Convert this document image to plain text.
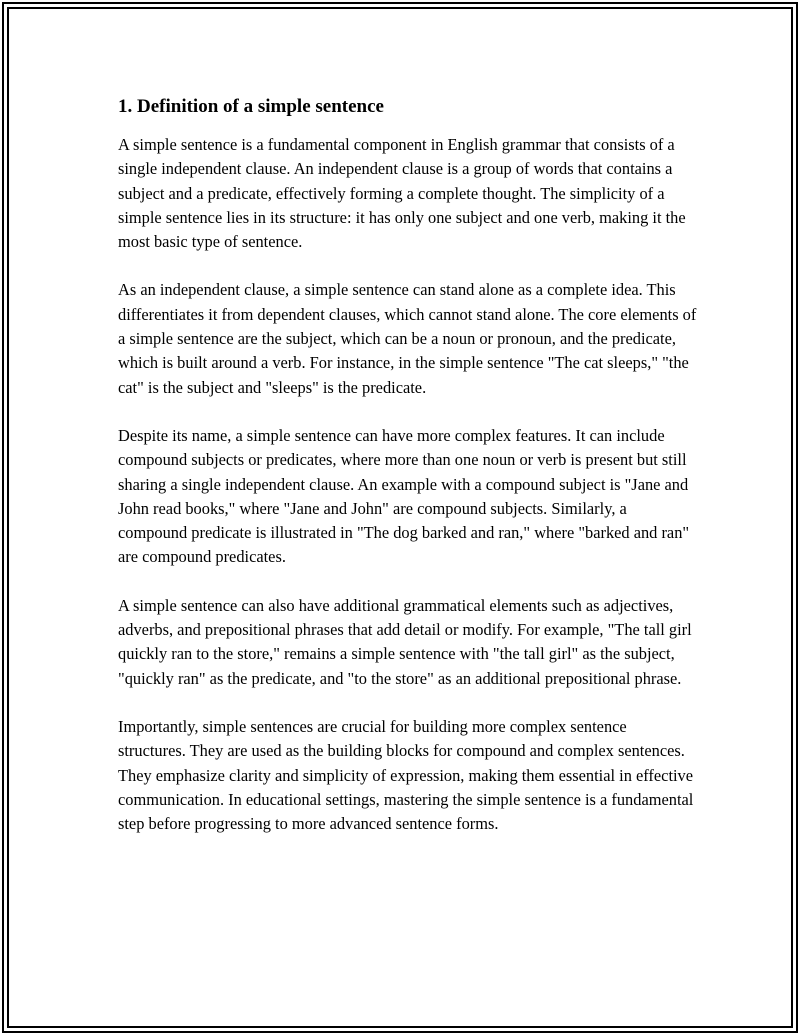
1. Definition of a simple sentence

A simple sentence is a fundamental component in English grammar that consists of a single independent clause. An independent clause is a group of words that contains a subject and a predicate, effectively forming a complete thought. The simplicity of a simple sentence lies in its structure: it has only one subject and one verb, making it the most basic type of sentence.

As an independent clause, a simple sentence can stand alone as a complete idea. This differentiates it from dependent clauses, which cannot stand alone. The core elements of a simple sentence are the subject, which can be a noun or pronoun, and the predicate, which is built around a verb. For instance, in the simple sentence "The cat sleeps," "the cat" is the subject and "sleeps" is the predicate.

Despite its name, a simple sentence can have more complex features. It can include compound subjects or predicates, where more than one noun or verb is present but still sharing a single independent clause. An example with a compound subject is "Jane and John read books," where "Jane and John" are compound subjects. Similarly, a compound predicate is illustrated in "The dog barked and ran," where "barked and ran" are compound predicates.

A simple sentence can also have additional grammatical elements such as adjectives, adverbs, and prepositional phrases that add detail or modify. For example, "The tall girl quickly ran to the store," remains a simple sentence with "the tall girl" as the subject, "quickly ran" as the predicate, and "to the store" as an additional prepositional phrase.

Importantly, simple sentences are crucial for building more complex sentence structures. They are used as the building blocks for compound and complex sentences. They emphasize clarity and simplicity of expression, making them essential in effective communication. In educational settings, mastering the simple sentence is a fundamental step before progressing to more advanced sentence forms.
